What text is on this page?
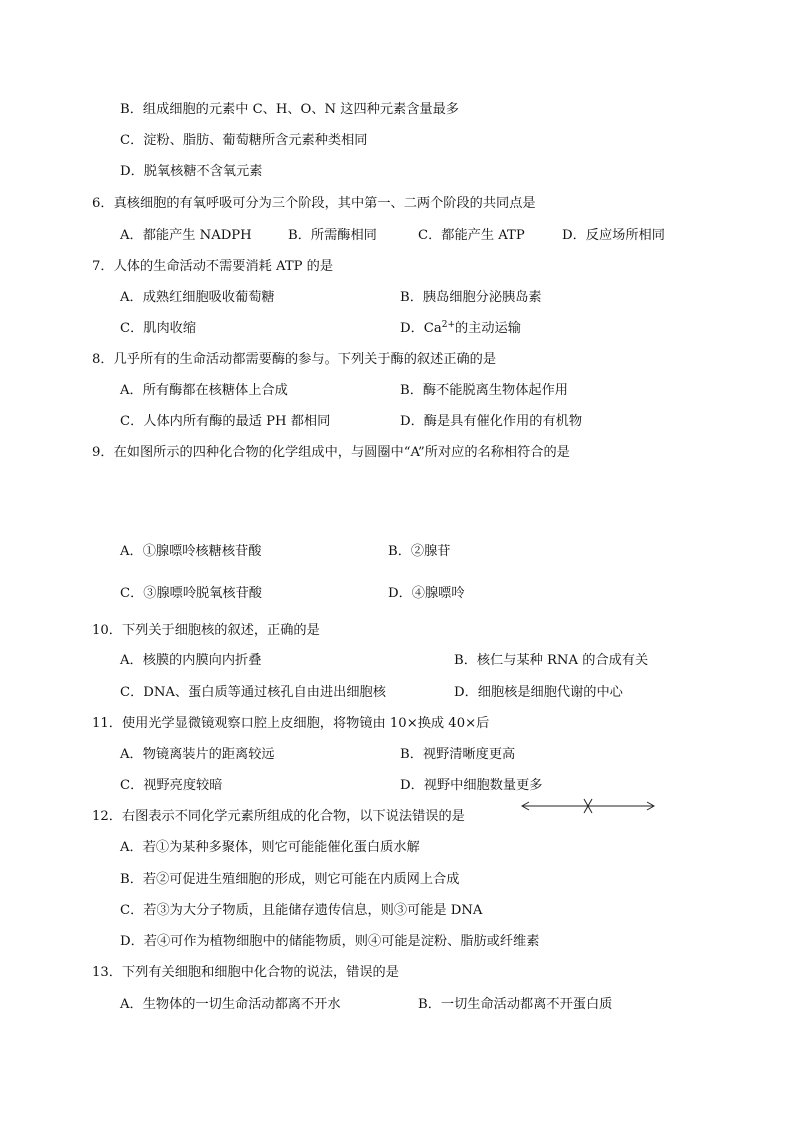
B．组成细胞的元素中 C、H、O、N 这四种元素含量最多
C．淀粉、脂肪、葡萄糖所含元素种类相同
D．脱氧核糖不含氧元素
6．真核细胞的有氧呼吸可分为三个阶段，其中第一、二两个阶段的共同点是
A．都能产生 NADPH	B．所需酶相同	C．都能产生 ATP	D．反应场所相同
7．人体的生命活动不需要消耗 ATP 的是
A．成熟红细胞吸收葡萄糖	B．胰岛细胞分泌胰岛素
C．肌肉收缩	D．$Ca^{2+}$的主动运输
8．几乎所有的生命活动都需要酶的参与。下列关于酶的叙述正确的是
A．所有酶都在核糖体上合成	B．酶不能脱离生物体起作用
C．人体内所有酶的最适 PH 都相同	D．酶是具有催化作用的有机物
9．在如图所示的四种化合物的化学组成中，与圆圈中“A”所对应的名称相符合的是
A．①腺嘌呤核糖核苷酸	B．②腺苷
C．③腺嘌呤脱氧核苷酸	D．④腺嘌呤
10．下列关于细胞核的叙述，正确的是
A．核膜的内膜向内折叠	B．核仁与某种 RNA 的合成有关
C．DNA、蛋白质等通过核孔自由进出细胞核	D．细胞核是细胞代谢的中心
11．使用光学显微镜观察口腔上皮细胞，将物镜由 10×换成 40×后
A．物镜离装片的距离较远	B．视野清晰度更高
C．视野亮度较暗	D．视野中细胞数量更多
12．右图表示不同化学元素所组成的化合物，以下说法错误的是
A．若①为某种多聚体，则它可能能催化蛋白质水解
B．若②可促进生殖细胞的形成，则它可能在内质网上合成
C．若③为大分子物质，且能储存遗传信息，则③可能是 DNA
D．若④可作为植物细胞中的储能物质，则④可能是淀粉、脂肪或纤维素
13．下列有关细胞和细胞中化合物的说法，错误的是
A．生物体的一切生命活动都离不开水	B．一切生命活动都离不开蛋白质
